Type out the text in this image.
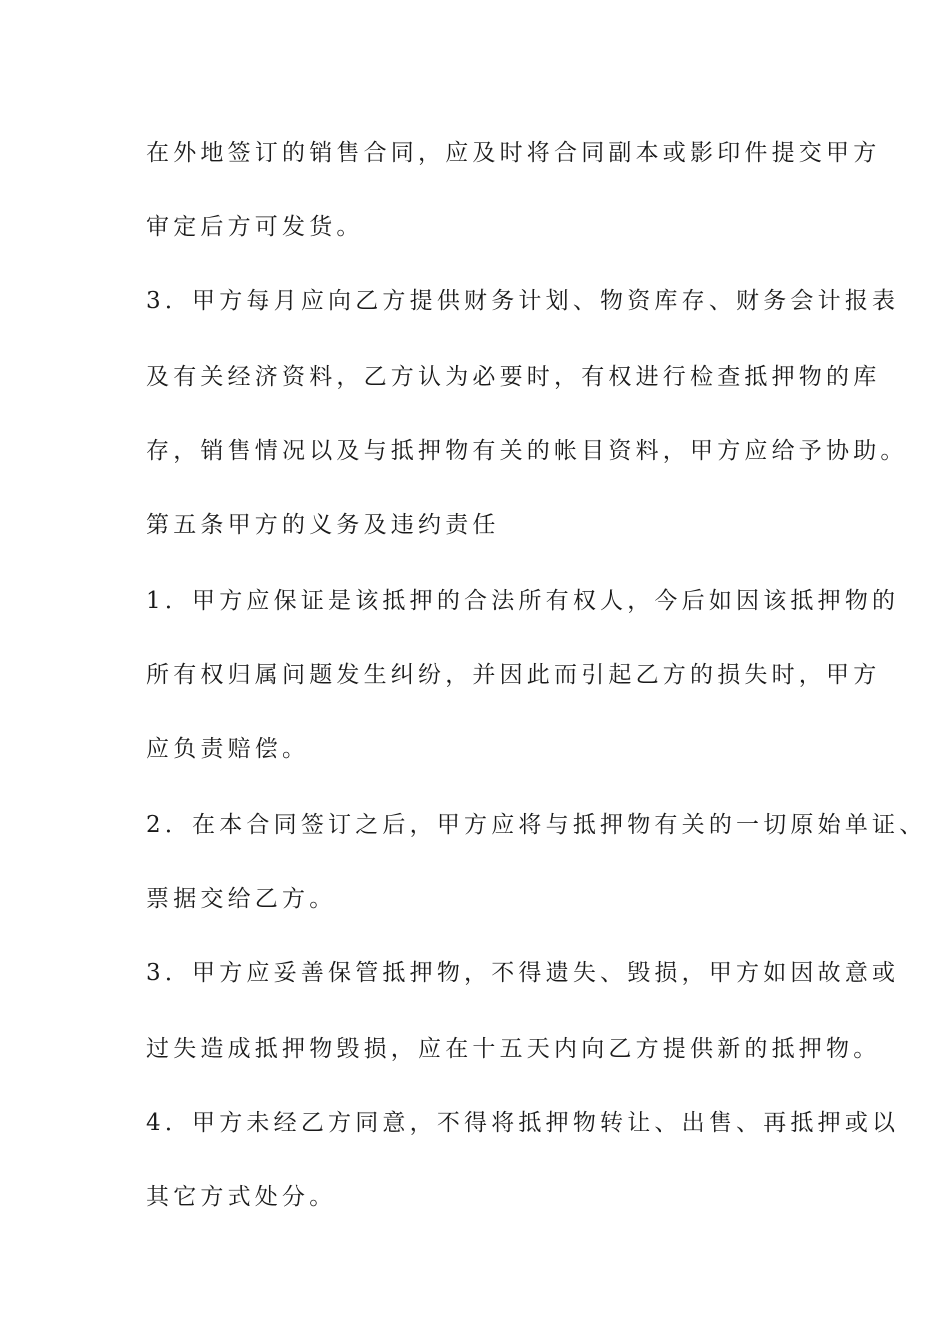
在外地签订的销售合同，应及时将合同副本或影印件提交甲方

审定后方可发货。

3．甲方每月应向乙方提供财务计划、物资库存、财务会计报表

及有关经济资料，乙方认为必要时，有权进行检查抵押物的库

存，销售情况以及与抵押物有关的帐目资料，甲方应给予协助。

第五条甲方的义务及违约责任

1．甲方应保证是该抵押的合法所有权人，今后如因该抵押物的

所有权归属问题发生纠纷，并因此而引起乙方的损失时，甲方

应负责赔偿。

2．在本合同签订之后，甲方应将与抵押物有关的一切原始单证、

票据交给乙方。

3．甲方应妥善保管抵押物，不得遗失、毁损，甲方如因故意或

过失造成抵押物毁损，应在十五天内向乙方提供新的抵押物。

4．甲方未经乙方同意，不得将抵押物转让、出售、再抵押或以

其它方式处分。
